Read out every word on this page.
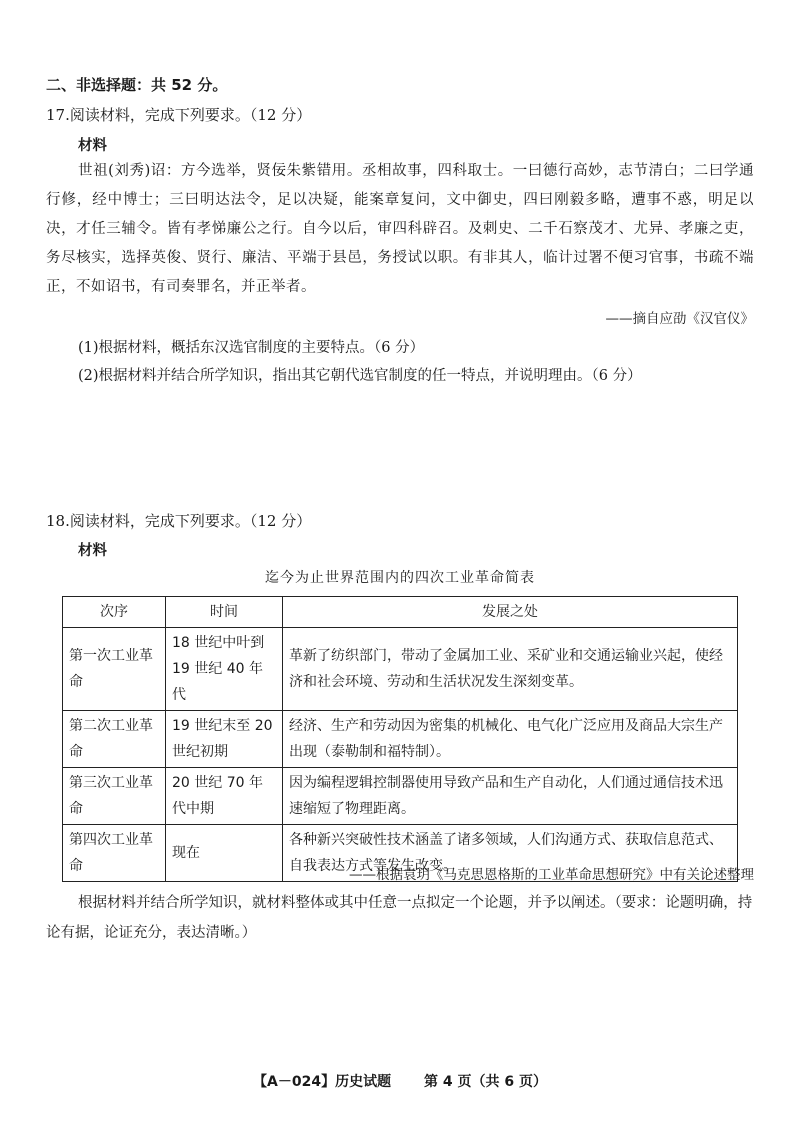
二、非选择题：共 52 分。
17.阅读材料，完成下列要求。（12 分）
材料
世祖(刘秀)诏：方今选举，贤佞朱紫错用。丞相故事，四科取士。一曰德行高妙，志节清白；二曰学通行修，经中博士；三曰明达法令，足以决疑，能案章复问，文中御史，四曰刚毅多略，遭事不惑，明足以决，才任三辅令。皆有孝悌廉公之行。自今以后，审四科辟召。及刺史、二千石察茂才、尤异、孝廉之吏，务尽核实，选择英俊、贤行、廉洁、平端于县邑，务授试以职。有非其人，临计过署不便习官事，书疏不端正，不如诏书，有司奏罪名，并正举者。
——摘自应劭《汉官仪》
(1)根据材料，概括东汉选官制度的主要特点。（6 分）
(2)根据材料并结合所学知识，指出其它朝代选官制度的任一特点，并说明理由。（6 分）
18.阅读材料，完成下列要求。（12 分）
材料
迄今为止世界范围内的四次工业革命简表
次序	时间	发展之处
第一次工业革命	18 世纪中叶到 19 世纪 40 年代	革新了纺织部门，带动了金属加工业、采矿业和交通运输业兴起，使经济和社会环境、劳动和生活状况发生深刻变革。
第二次工业革命	19 世纪末至 20 世纪初期	经济、生产和劳动因为密集的机械化、电气化广泛应用及商品大宗生产出现（泰勒制和福特制）。
第三次工业革命	20 世纪 70 年代中期	因为编程逻辑控制器使用导致产品和生产自动化，人们通过通信技术迅速缩短了物理距离。
第四次工业革命	现在	各种新兴突破性技术涵盖了诸多领域，人们沟通方式、获取信息范式、自我表达方式等发生改变。
——根据袁玥《马克思恩格斯的工业革命思想研究》中有关论述整理
根据材料并结合所学知识，就材料整体或其中任意一点拟定一个论题，并予以阐述。（要求：论题明确，持论有据，论证充分，表达清晰。）
【A－024】历史试题 第 4 页（共 6 页）
